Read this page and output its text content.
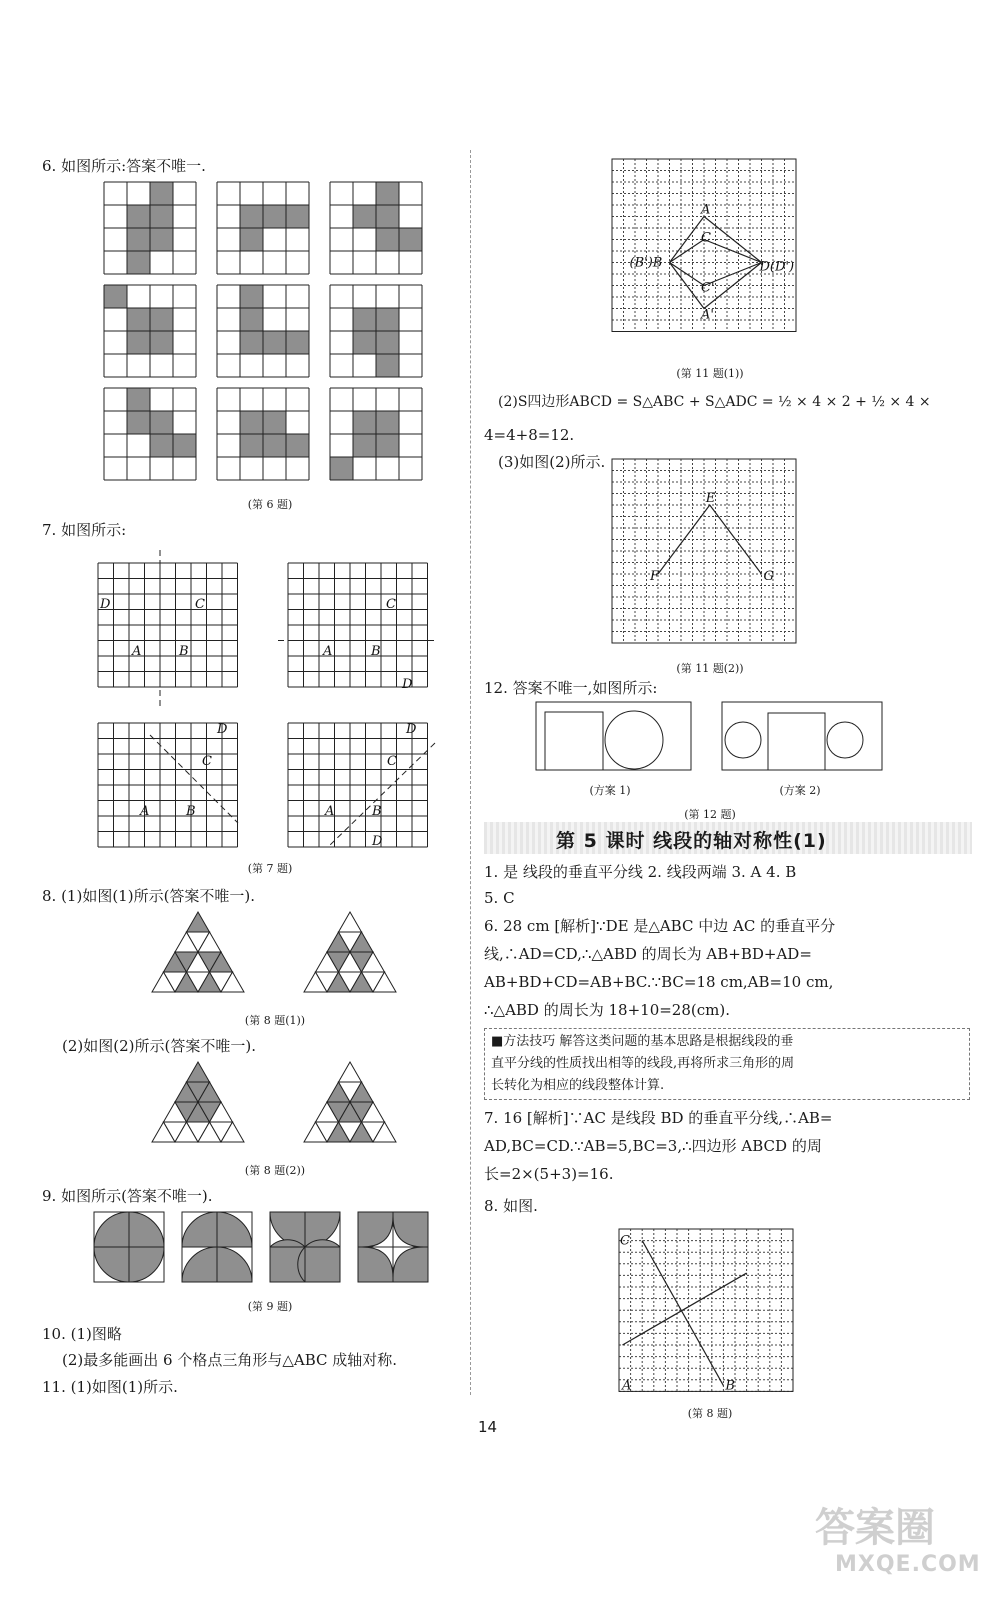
6. 如图所示:答案不唯一.
(第 6 题)
7. 如图所示:
D	C
A	B
C
A	B
D
D
C
A	B
D
C
A	B
D
(第 7 题)
8. (1)如图(1)所示(答案不唯一).
(第 8 题(1))
(2)如图(2)所示(答案不唯一).
(第 8 题(2))
9. 如图所示(答案不唯一).
(第 9 题)
10. (1)图略
(2)最多能画出 6 个格点三角形与△ABC 成轴对称.
11. (1)如图(1)所示.
A
C
(B')B	D(D')
C'
A'
(第 11 题(1))
(2)S四边形ABCD = S△ABC + S△ADC = ½ × 4 × 2 + ½ × 4 ×
4=4+8=12.
(3)如图(2)所示.
E
F	G
(第 11 题(2))
12. 答案不唯一,如图所示:
(方案 1)	(方案 2)
(第 12 题)
第 5 课时 线段的轴对称性(1)
1. 是 线段的垂直平分线 2. 线段两端 3. A 4. B
5. C
6. 28 cm [解析]∵DE 是△ABC 中边 AC 的垂直平分
线,∴AD=CD,∴△ABD 的周长为 AB+BD+AD=
AB+BD+CD=AB+BC.∵BC=18 cm,AB=10 cm,
∴△ABD 的周长为 18+10=28(cm).
■方法技巧 解答这类问题的基本思路是根据线段的垂
直平分线的性质找出相等的线段,再将所求三角形的周
长转化为相应的线段整体计算.
7. 16 [解析]∵AC 是线段 BD 的垂直平分线,∴AB=
AD,BC=CD.∵AB=5,BC=3,∴四边形 ABCD 的周
长=2×(5+3)=16.
8. 如图.
C
A	B
(第 8 题)
14
答案圈
MXQE.COM
